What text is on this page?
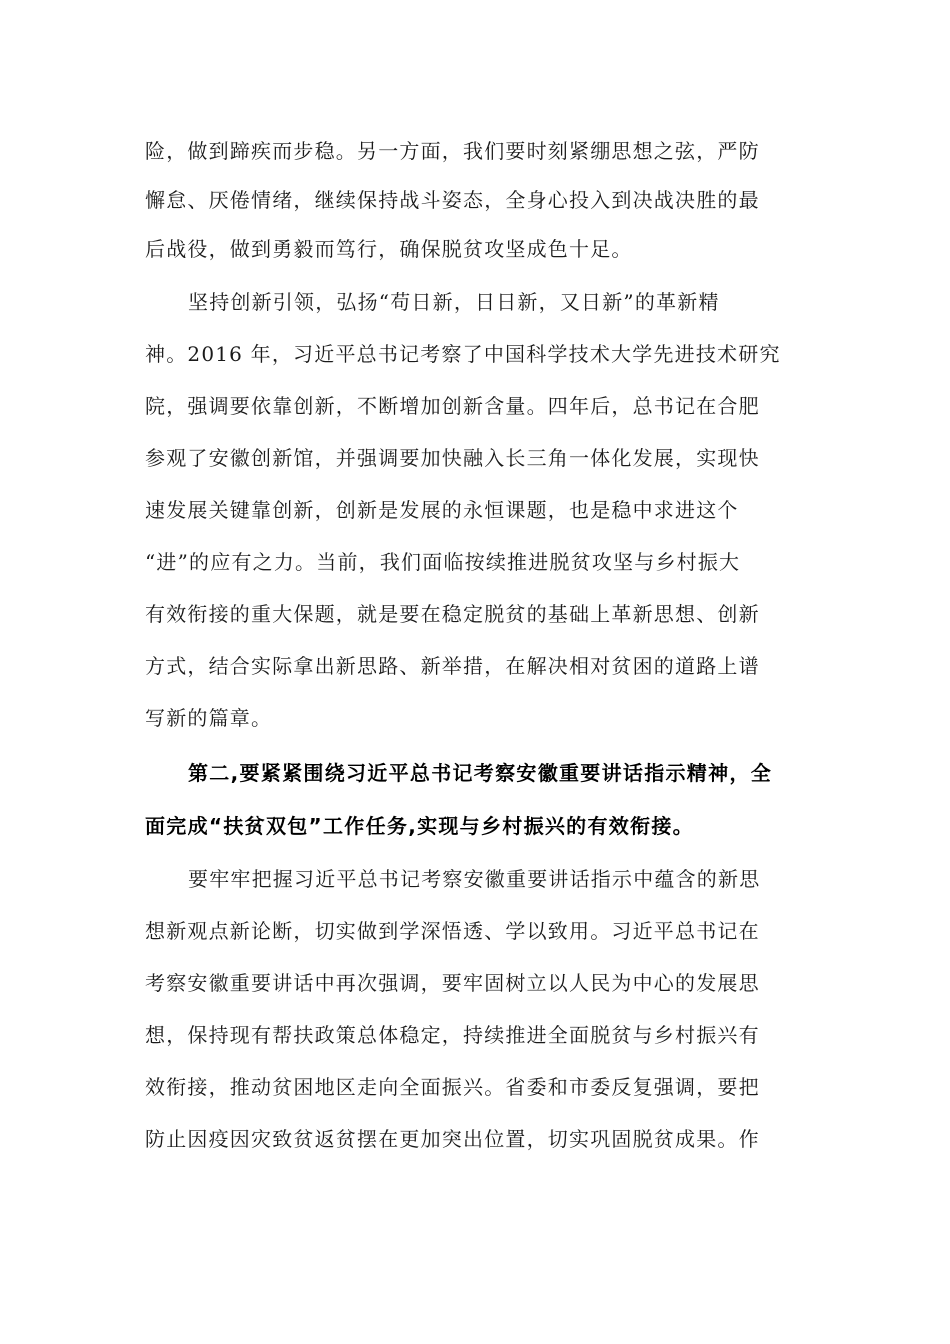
险，做到蹄疾而步稳。另一方面，我们要时刻紧绷思想之弦，严防
懈怠、厌倦情绪，继续保持战斗姿态，全身心投入到决战决胜的最
后战役，做到勇毅而笃行，确保脱贫攻坚成色十足。
坚持创新引领，弘扬“苟日新，日日新，又日新”的革新精
神。2016 年，习近平总书记考察了中国科学技术大学先进技术研究
院，强调要依靠创新，不断增加创新含量。四年后，总书记在合肥
参观了安徽创新馆，并强调要加快融入长三角一体化发展，实现快
速发展关键靠创新，创新是发展的永恒课题，也是稳中求进这个
“进”的应有之力。当前，我们面临按续推进脱贫攻坚与乡村振大
有效衔接的重大保题，就是要在稳定脱贫的基础上革新思想、创新
方式，结合实际拿出新思路、新举措，在解决相对贫困的道路上谱
写新的篇章。
第二,要紧紧围绕习近平总书记考察安徽重要讲话指示精神，全
面完成“扶贫双包”工作任务,实现与乡村振兴的有效衔接。
要牢牢把握习近平总书记考察安徽重要讲话指示中蕴含的新思
想新观点新论断，切实做到学深悟透、学以致用。习近平总书记在
考察安徽重要讲话中再次强调，要牢固树立以人民为中心的发展思
想，保持现有帮扶政策总体稳定，持续推进全面脱贫与乡村振兴有
效衔接，推动贫困地区走向全面振兴。省委和市委反复强调，要把
防止因疫因灾致贫返贫摆在更加突出位置，切实巩固脱贫成果。作
